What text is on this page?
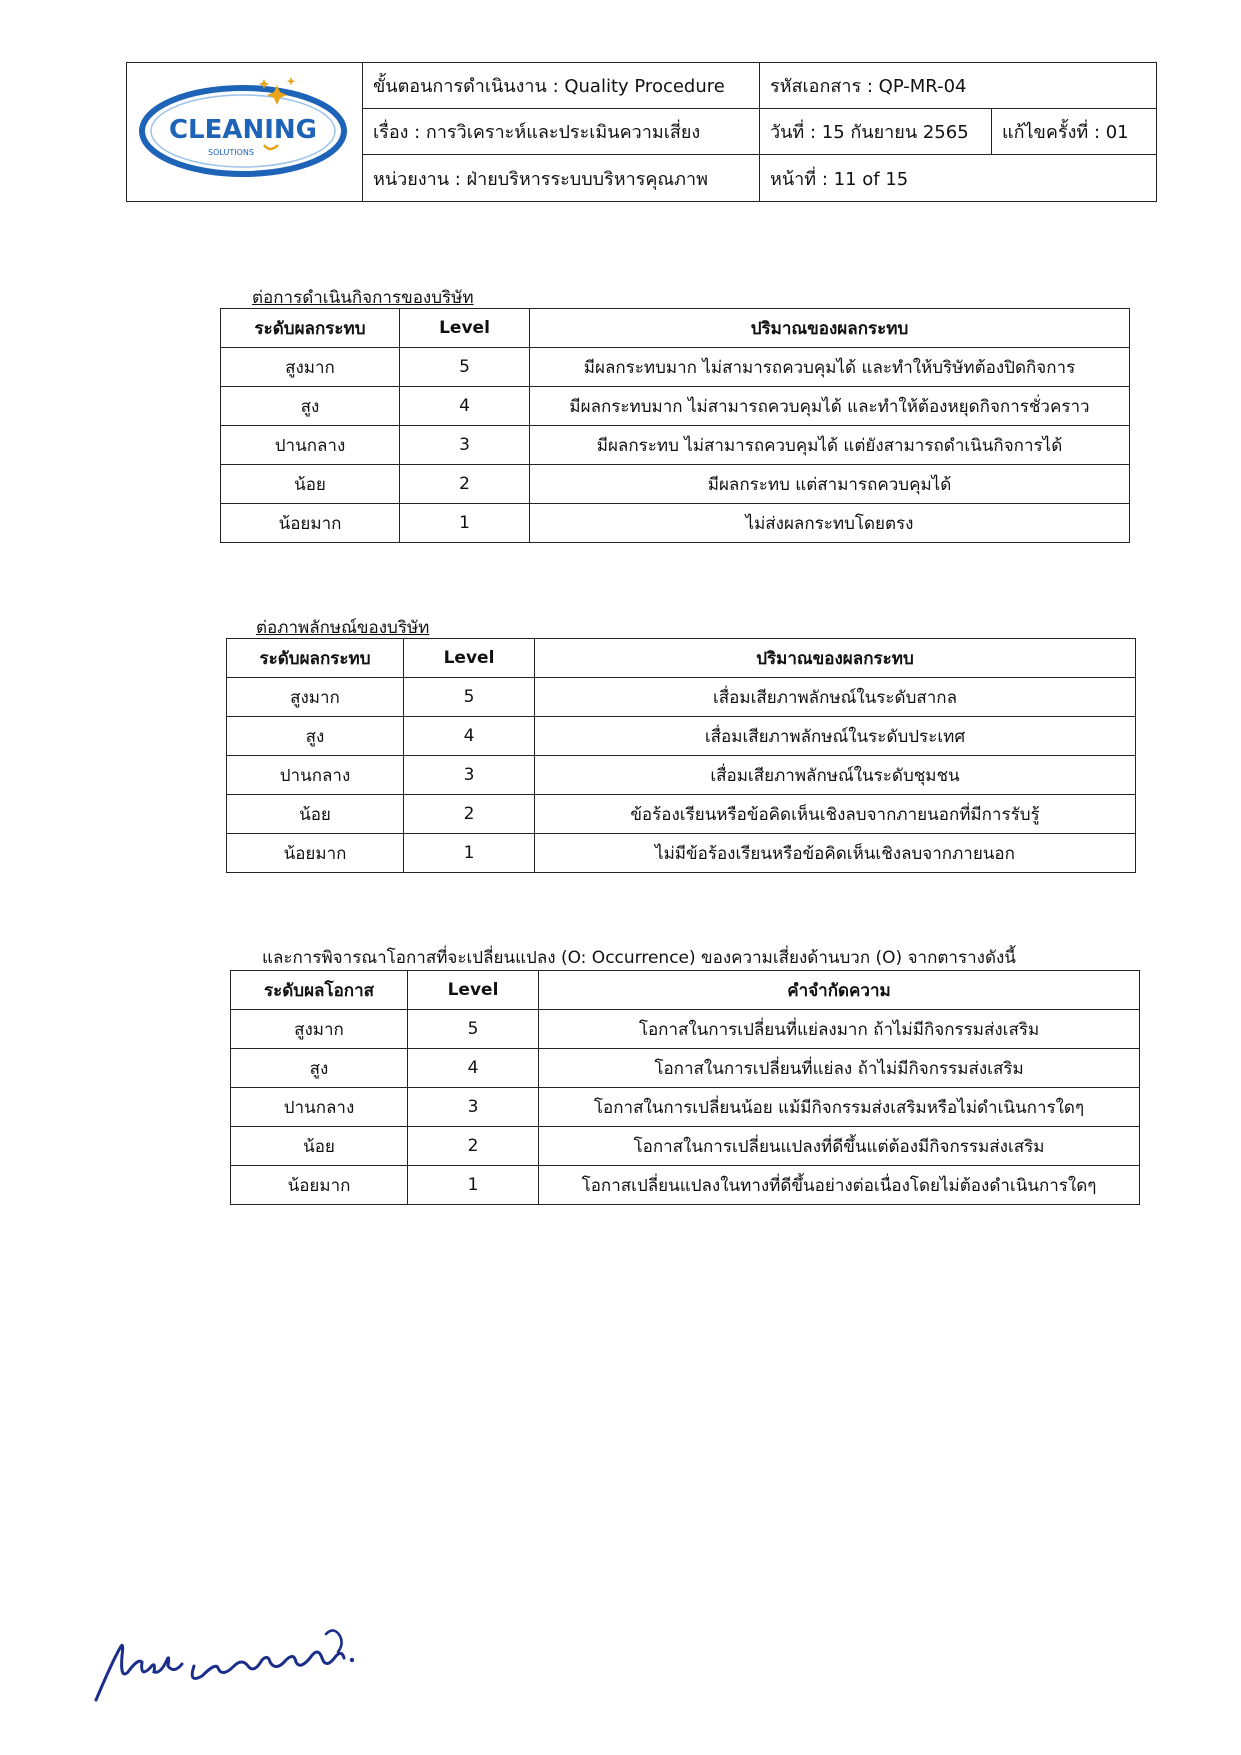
CLEANING
SOLUTIONS
ขั้นตอนการดำเนินงาน : Quality Procedure	รหัสเอกสาร : QP-MR-04
เรื่อง : การวิเคราะห์และประเมินความเสี่ยง	วันที่ : 15 กันยายน 2565	แก้ไขครั้งที่ : 01
หน่วยงาน : ฝ่ายบริหารระบบบริหารคุณภาพ	หน้าที่ : 11 of 15
ต่อการดำเนินกิจการของบริษัท
ระดับผลกระทบ	Level	ปริมาณของผลกระทบ
สูงมาก	5	มีผลกระทบมาก ไม่สามารถควบคุมได้ และทำให้บริษัทต้องปิดกิจการ
สูง	4	มีผลกระทบมาก ไม่สามารถควบคุมได้ และทำให้ต้องหยุดกิจการชั่วคราว
ปานกลาง	3	มีผลกระทบ ไม่สามารถควบคุมได้ แต่ยังสามารถดำเนินกิจการได้
น้อย	2	มีผลกระทบ แต่สามารถควบคุมได้
น้อยมาก	1	ไม่ส่งผลกระทบโดยตรง
ต่อภาพลักษณ์ของบริษัท
ระดับผลกระทบ	Level	ปริมาณของผลกระทบ
สูงมาก	5	เสื่อมเสียภาพลักษณ์ในระดับสากล
สูง	4	เสื่อมเสียภาพลักษณ์ในระดับประเทศ
ปานกลาง	3	เสื่อมเสียภาพลักษณ์ในระดับชุมชน
น้อย	2	ข้อร้องเรียนหรือข้อคิดเห็นเชิงลบจากภายนอกที่มีการรับรู้
น้อยมาก	1	ไม่มีข้อร้องเรียนหรือข้อคิดเห็นเชิงลบจากภายนอก
และการพิจารณาโอกาสที่จะเปลี่ยนแปลง (O: Occurrence) ของความเสี่ยงด้านบวก (O) จากตารางดังนี้
ระดับผลโอกาส	Level	คำจำกัดความ
สูงมาก	5	โอกาสในการเปลี่ยนที่แย่ลงมาก ถ้าไม่มีกิจกรรมส่งเสริม
สูง	4	โอกาสในการเปลี่ยนที่แย่ลง ถ้าไม่มีกิจกรรมส่งเสริม
ปานกลาง	3	โอกาสในการเปลี่ยนน้อย แม้มีกิจกรรมส่งเสริมหรือไม่ดำเนินการใดๆ
น้อย	2	โอกาสในการเปลี่ยนแปลงที่ดีขึ้นแต่ต้องมีกิจกรรมส่งเสริม
น้อยมาก	1	โอกาสเปลี่ยนแปลงในทางที่ดีขึ้นอย่างต่อเนื่องโดยไม่ต้องดำเนินการใดๆ
